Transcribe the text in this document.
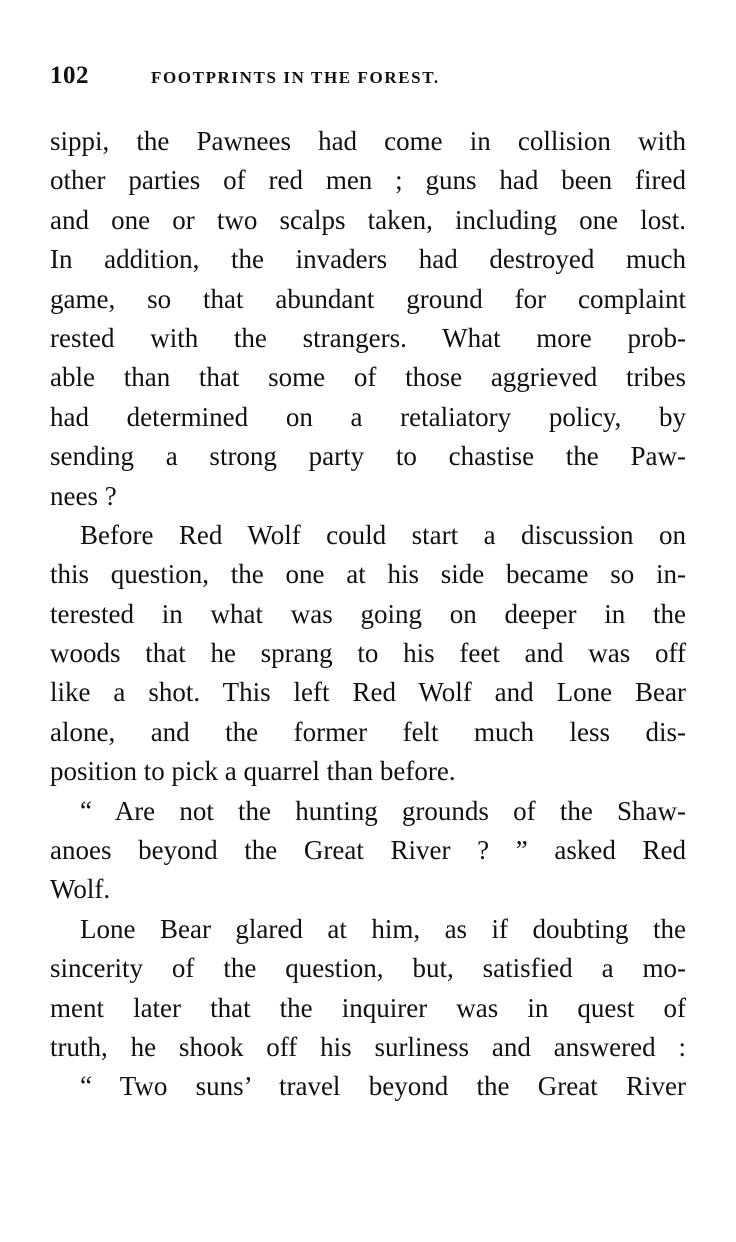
102	FOOTPRINTS IN THE FOREST.
sippi, the Pawnees had come in collision with
other parties of red men ; guns had been fired
and one or two scalps taken, including one lost.
In addition, the invaders had destroyed much
game, so that abundant ground for complaint
rested with the strangers. What more prob-
able than that some of those aggrieved tribes
had determined on a retaliatory policy, by
sending a strong party to chastise the Paw-
nees ?
Before Red Wolf could start a discussion on
this question, the one at his side became so in-
terested in what was going on deeper in the
woods that he sprang to his feet and was off
like a shot. This left Red Wolf and Lone Bear
alone, and the former felt much less dis-
position to pick a quarrel than before.
“ Are not the hunting grounds of the Shaw-
anoes beyond the Great River ? ” asked Red
Wolf.
Lone Bear glared at him, as if doubting the
sincerity of the question, but, satisfied a mo-
ment later that the inquirer was in quest of
truth, he shook off his surliness and answered :
“ Two suns’ travel beyond the Great River
